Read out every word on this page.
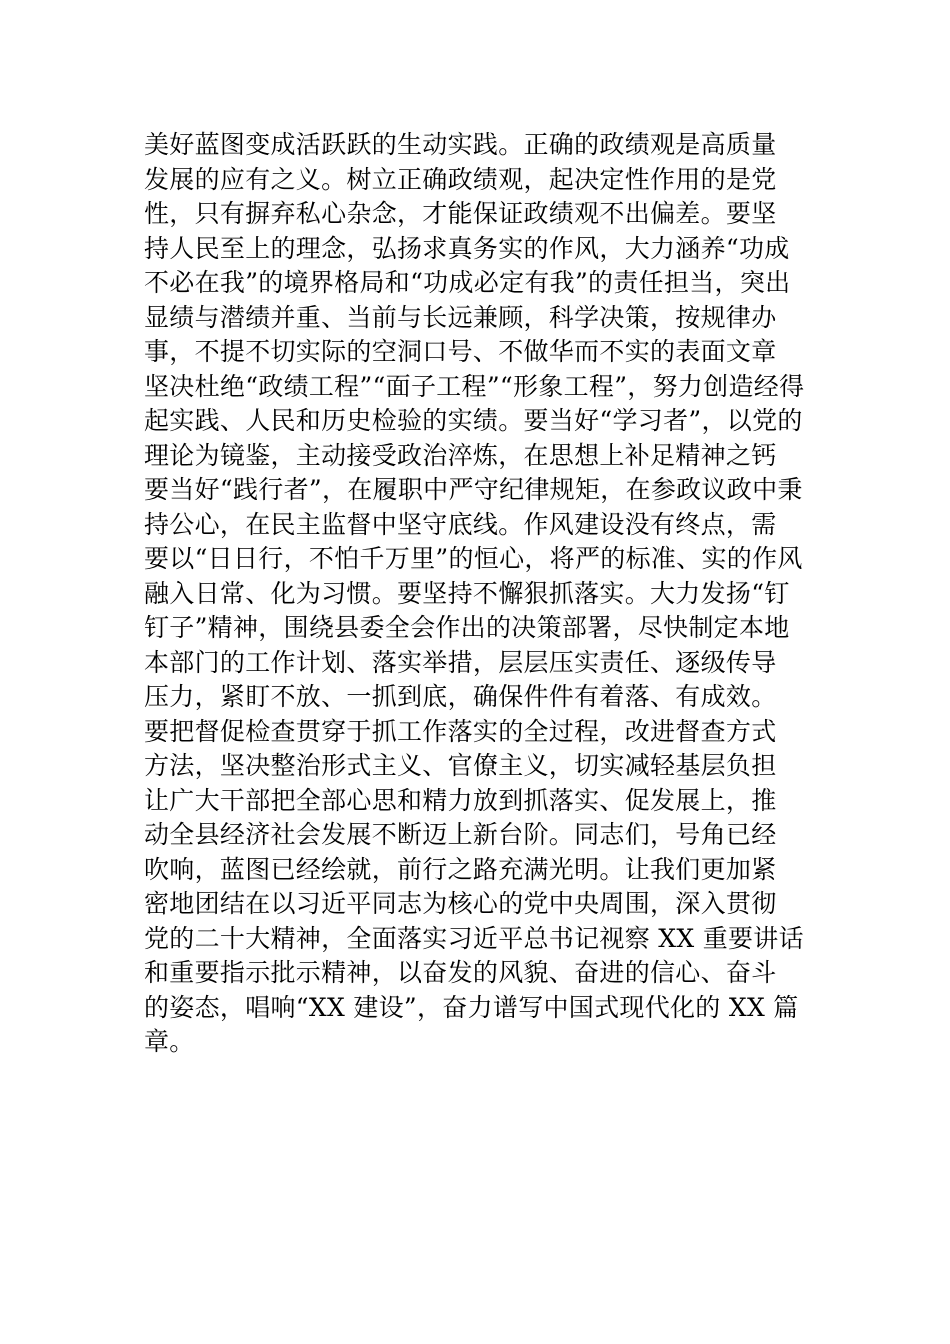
美好蓝图变成活跃跃的生动实践。正确的政绩观是高质量
发展的应有之义。树立正确政绩观，起决定性作用的是党
性，只有摒弃私心杂念，才能保证政绩观不出偏差。要坚
持人民至上的理念，弘扬求真务实的作风，大力涵养“功成
不必在我”的境界格局和“功成必定有我”的责任担当，突出
显绩与潜绩并重、当前与长远兼顾，科学决策，按规律办
事，不提不切实际的空洞口号、不做华而不实的表面文章
坚决杜绝“政绩工程”“面子工程”“形象工程”，努力创造经得
起实践、人民和历史检验的实绩。要当好“学习者”，以党的
理论为镜鉴，主动接受政治淬炼，在思想上补足精神之钙
要当好“践行者”，在履职中严守纪律规矩，在参政议政中秉
持公心，在民主监督中坚守底线。作风建设没有终点，需
要以“日日行，不怕千万里”的恒心，将严的标准、实的作风
融入日常、化为习惯。要坚持不懈狠抓落实。大力发扬“钉
钉子”精神，围绕县委全会作出的决策部署，尽快制定本地
本部门的工作计划、落实举措，层层压实责任、逐级传导
压力，紧盯不放、一抓到底，确保件件有着落、有成效。
要把督促检查贯穿于抓工作落实的全过程，改进督查方式
方法，坚决整治形式主义、官僚主义，切实减轻基层负担
让广大干部把全部心思和精力放到抓落实、促发展上，推
动全县经济社会发展不断迈上新台阶。同志们，号角已经
吹响，蓝图已经绘就，前行之路充满光明。让我们更加紧
密地团结在以习近平同志为核心的党中央周围，深入贯彻
党的二十大精神，全面落实习近平总书记视察 XX 重要讲话
和重要指示批示精神，以奋发的风貌、奋进的信心、奋斗
的姿态，唱响“XX 建设”，奋力谱写中国式现代化的 XX 篇
章。
